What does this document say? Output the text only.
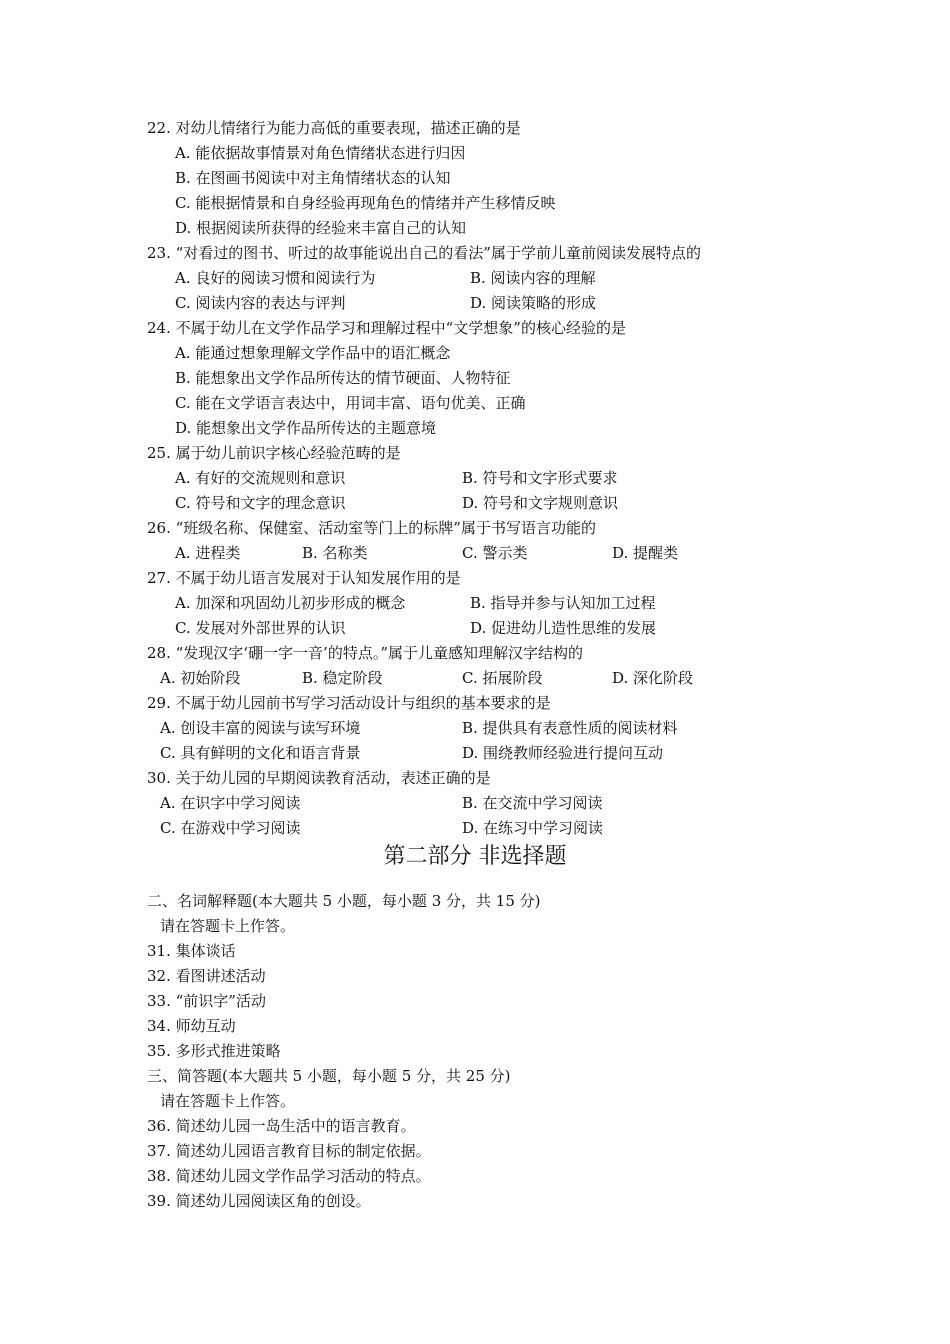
22. 对幼儿情绪行为能力高低的重要表现，描述正确的是
A. 能依据故事情景对角色情绪状态进行归因
B. 在图画书阅读中对主角情绪状态的认知
C. 能根据情景和自身经验再现角色的情绪并产生移情反映
D. 根据阅读所获得的经验来丰富自己的认知
23. “对看过的图书、听过的故事能说出自己的看法”属于学前儿童前阅读发展特点的
A. 良好的阅读习惯和阅读行为	B. 阅读内容的理解
C. 阅读内容的表达与评判	D. 阅读策略的形成
24. 不属于幼儿在文学作品学习和理解过程中“文学想象”的核心经验的是
A. 能通过想象理解文学作品中的语汇概念
B. 能想象出文学作品所传达的情节硬面、人物特征
C. 能在文学语言表达中，用词丰富、语句优美、正确
D. 能想象出文学作品所传达的主题意境
25. 属于幼儿前识字核心经验范畴的是
A. 有好的交流规则和意识	B. 符号和文字形式要求
C. 符号和文字的理念意识	D. 符号和文字规则意识
26. “班级名称、保健室、活动室等门上的标牌”属于书写语言功能的
A. 进程类	B. 名称类	C. 警示类	D. 提醒类
27. 不属于幼儿语言发展对于认知发展作用的是
A. 加深和巩固幼儿初步形成的概念	B. 指导并参与认知加工过程
C. 发展对外部世界的认识	D. 促进幼儿造性思维的发展
28. “发现汉字‘硼一字一音’的特点。”属于儿童感知理解汉字结构的
A. 初始阶段	B. 稳定阶段	C. 拓展阶段	D. 深化阶段
29. 不属于幼儿园前书写学习活动设计与组织的基本要求的是
A. 创设丰富的阅读与读写环境	B. 提供具有表意性质的阅读材料
C. 具有鲜明的文化和语言背景	D. 围绕教师经验进行提问互动
30. 关于幼儿园的早期阅读教育活动，表述正确的是
A. 在识字中学习阅读	B. 在交流中学习阅读
C. 在游戏中学习阅读	D. 在练习中学习阅读
第二部分 非选择题
二、名词解释题(本大题共 5 小题，每小题 3 分，共 15 分)
请在答题卡上作答。
31. 集体谈话
32. 看图讲述活动
33. “前识字”活动
34. 师幼互动
35. 多形式推进策略
三、简答题(本大题共 5 小题，每小题 5 分，共 25 分)
请在答题卡上作答。
36. 简述幼儿园一岛生活中的语言教育。
37. 简述幼儿园语言教育目标的制定依据。
38. 简述幼儿园文学作品学习活动的特点。
39. 简述幼儿园阅读区角的创设。
